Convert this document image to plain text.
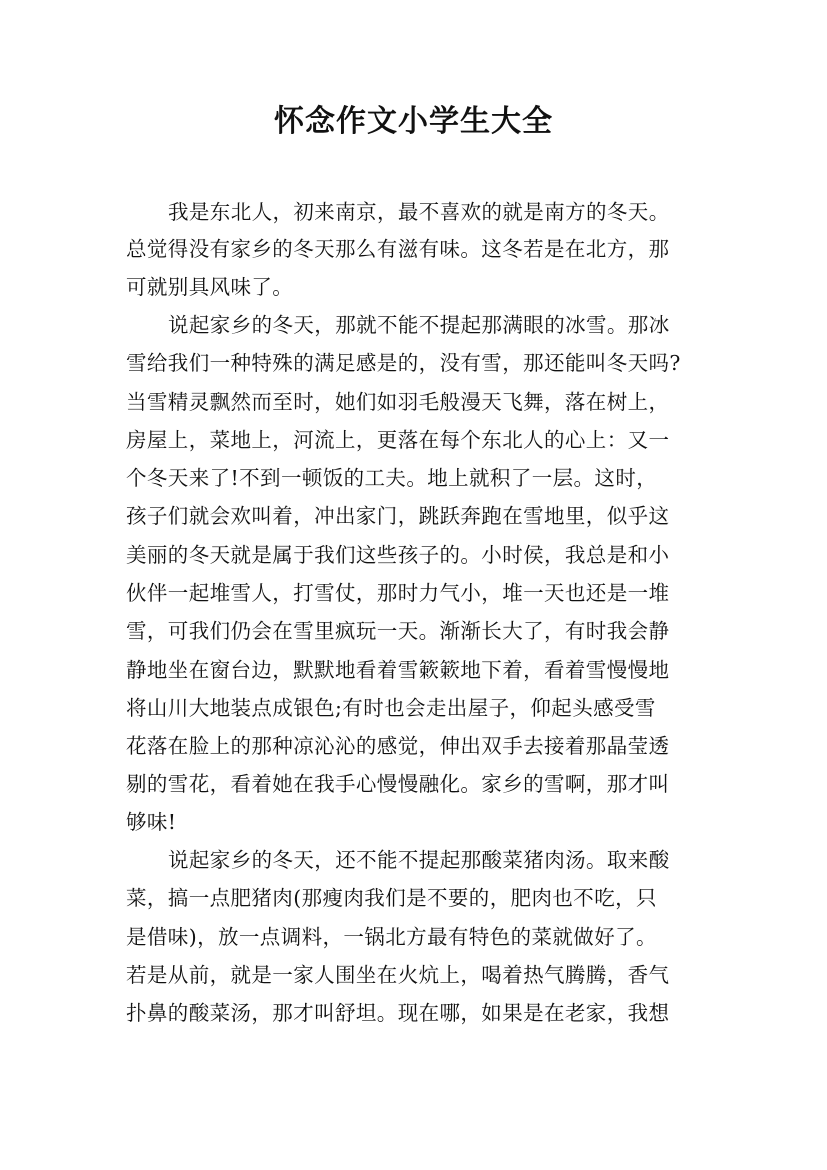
怀念作文小学生大全

我是东北人，初来南京，最不喜欢的就是南方的冬天。

总觉得没有家乡的冬天那么有滋有味。这冬若是在北方，那

可就别具风味了。

说起家乡的冬天，那就不能不提起那满眼的冰雪。那冰

雪给我们一种特殊的满足感是的，没有雪，那还能叫冬天吗?

当雪精灵飘然而至时，她们如羽毛般漫天飞舞，落在树上，

房屋上，菜地上，河流上，更落在每个东北人的心上：又一

个冬天来了!不到一顿饭的工夫。地上就积了一层。这时，

孩子们就会欢叫着，冲出家门，跳跃奔跑在雪地里，似乎这

美丽的冬天就是属于我们这些孩子的。小时侯，我总是和小

伙伴一起堆雪人，打雪仗，那时力气小，堆一天也还是一堆

雪，可我们仍会在雪里疯玩一天。渐渐长大了，有时我会静

静地坐在窗台边，默默地看着雪簌簌地下着，看着雪慢慢地

将山川大地装点成银色;有时也会走出屋子，仰起头感受雪

花落在脸上的那种凉沁沁的感觉，伸出双手去接着那晶莹透

剔的雪花，看着她在我手心慢慢融化。家乡的雪啊，那才叫

够味!

说起家乡的冬天，还不能不提起那酸菜猪肉汤。取来酸

菜，搞一点肥猪肉(那瘦肉我们是不要的，肥肉也不吃，只

是借味)，放一点调料，一锅北方最有特色的菜就做好了。

若是从前，就是一家人围坐在火炕上，喝着热气腾腾，香气

扑鼻的酸菜汤，那才叫舒坦。现在哪，如果是在老家，我想
